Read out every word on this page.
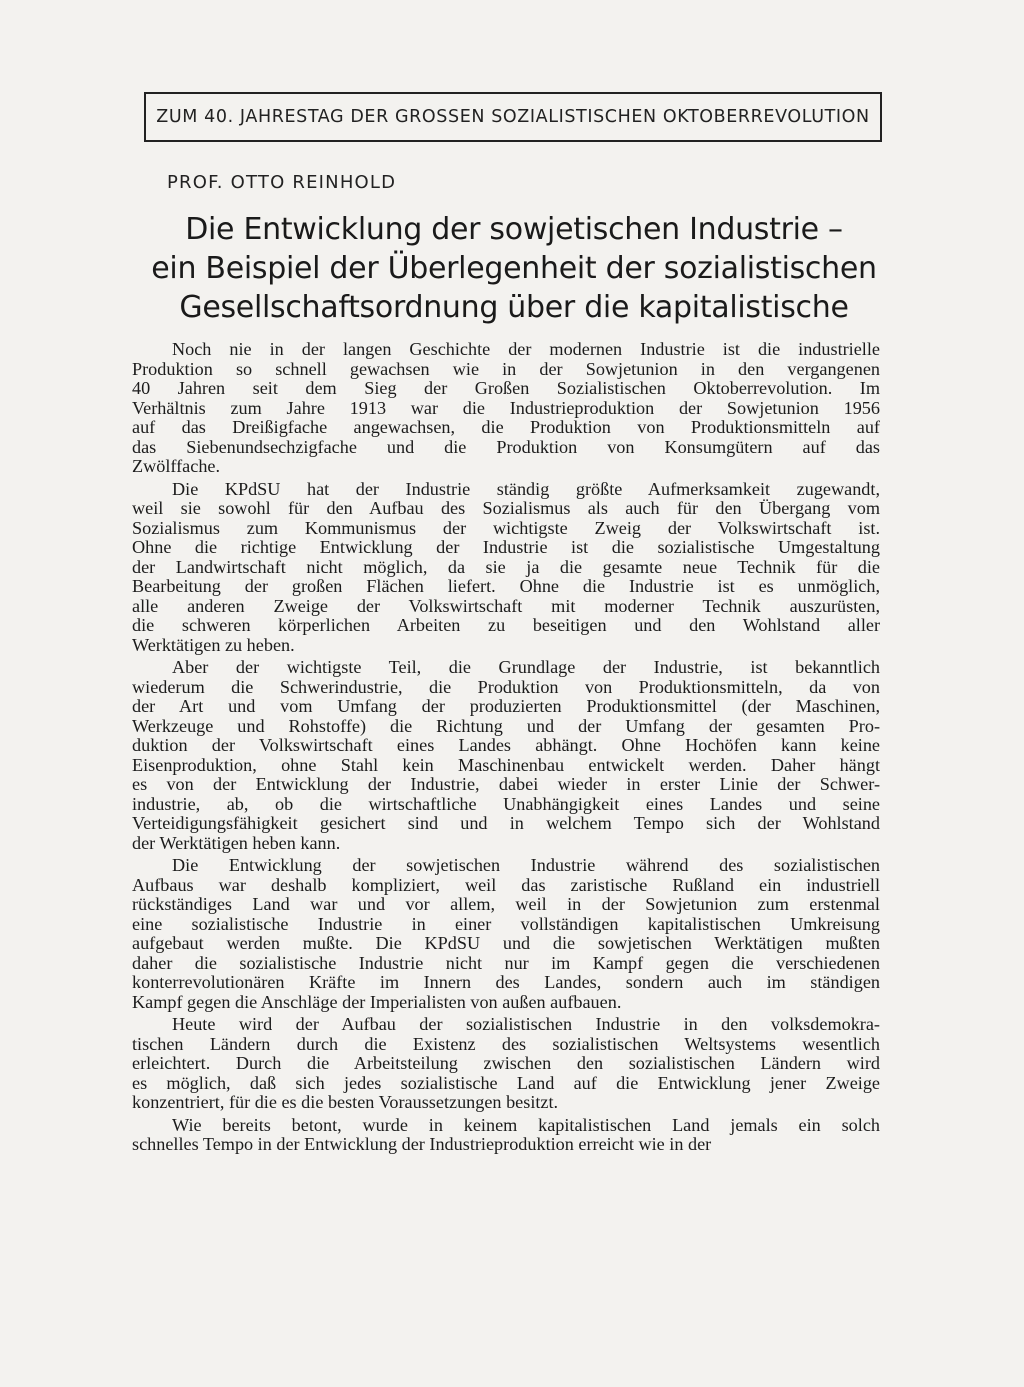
ZUM 40. JAHRESTAG DER GROSSEN SOZIALISTISCHEN OKTOBERREVOLUTION
PROF. OTTO REINHOLD
Die Entwicklung der sowjetischen Industrie –
ein Beispiel der Überlegenheit der sozialistischen
Gesellschaftsordnung über die kapitalistische
Noch nie in der langen Geschichte der modernen Industrie ist die industrielle
Produktion so schnell gewachsen wie in der Sowjetunion in den vergangenen
40 Jahren seit dem Sieg der Großen Sozialistischen Oktoberrevolution. Im
Verhältnis zum Jahre 1913 war die Industrieproduktion der Sowjetunion 1956
auf das Dreißigfache angewachsen, die Produktion von Produktionsmitteln auf
das Siebenundsechzigfache und die Produktion von Konsumgütern auf das
Zwölffache.
Die KPdSU hat der Industrie ständig größte Aufmerksamkeit zugewandt,
weil sie sowohl für den Aufbau des Sozialismus als auch für den Übergang vom
Sozialismus zum Kommunismus der wichtigste Zweig der Volkswirtschaft ist.
Ohne die richtige Entwicklung der Industrie ist die sozialistische Umgestaltung
der Landwirtschaft nicht möglich, da sie ja die gesamte neue Technik für die
Bearbeitung der großen Flächen liefert. Ohne die Industrie ist es unmöglich,
alle anderen Zweige der Volkswirtschaft mit moderner Technik auszurüsten,
die schweren körperlichen Arbeiten zu beseitigen und den Wohlstand aller
Werktätigen zu heben.
Aber der wichtigste Teil, die Grundlage der Industrie, ist bekanntlich
wiederum die Schwerindustrie, die Produktion von Produktionsmitteln, da von
der Art und vom Umfang der produzierten Produktionsmittel (der Maschinen,
Werkzeuge und Rohstoffe) die Richtung und der Umfang der gesamten Pro-
duktion der Volkswirtschaft eines Landes abhängt. Ohne Hochöfen kann keine
Eisenproduktion, ohne Stahl kein Maschinenbau entwickelt werden. Daher hängt
es von der Entwicklung der Industrie, dabei wieder in erster Linie der Schwer-
industrie, ab, ob die wirtschaftliche Unabhängigkeit eines Landes und seine
Verteidigungsfähigkeit gesichert sind und in welchem Tempo sich der Wohlstand
der Werktätigen heben kann.
Die Entwicklung der sowjetischen Industrie während des sozialistischen
Aufbaus war deshalb kompliziert, weil das zaristische Rußland ein industriell
rückständiges Land war und vor allem, weil in der Sowjetunion zum erstenmal
eine sozialistische Industrie in einer vollständigen kapitalistischen Umkreisung
aufgebaut werden mußte. Die KPdSU und die sowjetischen Werktätigen mußten
daher die sozialistische Industrie nicht nur im Kampf gegen die verschiedenen
konterrevolutionären Kräfte im Innern des Landes, sondern auch im ständigen
Kampf gegen die Anschläge der Imperialisten von außen aufbauen.
Heute wird der Aufbau der sozialistischen Industrie in den volksdemokra-
tischen Ländern durch die Existenz des sozialistischen Weltsystems wesentlich
erleichtert. Durch die Arbeitsteilung zwischen den sozialistischen Ländern wird
es möglich, daß sich jedes sozialistische Land auf die Entwicklung jener Zweige
konzentriert, für die es die besten Voraussetzungen besitzt.
Wie bereits betont, wurde in keinem kapitalistischen Land jemals ein solch
schnelles Tempo in der Entwicklung der Industrieproduktion erreicht wie in der
